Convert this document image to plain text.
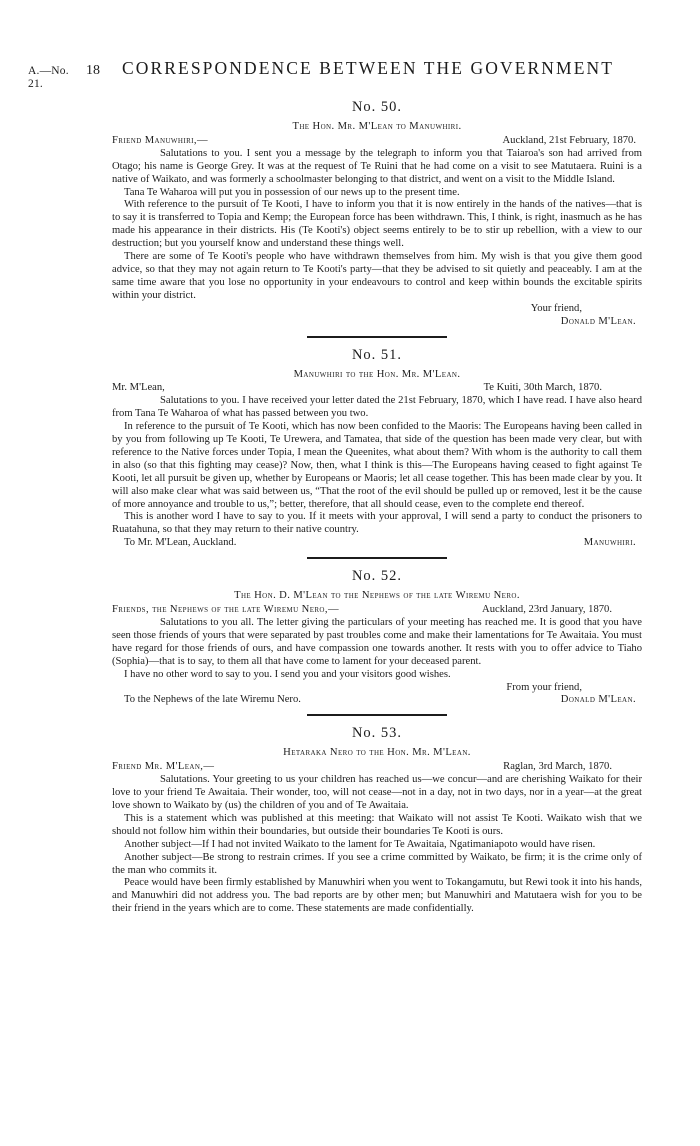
A.—No. 21.
18	CORRESPONDENCE BETWEEN THE GOVERNMENT
No. 50.
The Hon. Mr. M'Lean to Manuwhiri.
Friend Manuwhiri,—	Auckland, 21st February, 1870.

Salutations to you. I sent you a message by the telegraph to inform you that Taiaroa's son had arrived from Otago; his name is George Grey. It was at the request of Te Ruini that he had come on a visit to see Matutaera. Ruini is a native of Waikato, and was formerly a schoolmaster belonging to that district, and went on a visit to the Middle Island.

Tana Te Waharoa will put you in possession of our news up to the present time.

With reference to the pursuit of Te Kooti, I have to inform you that it is now entirely in the hands of the natives—that is to say it is transferred to Topia and Kemp; the European force has been withdrawn. This, I think, is right, inasmuch as he has made his appearance in their districts. His (Te Kooti's) object seems entirely to be to stir up rebellion, with a view to our destruction; but you yourself know and understand these things well.

There are some of Te Kooti's people who have withdrawn themselves from him. My wish is that you give them good advice, so that they may not again return to Te Kooti's party—that they be advised to sit quietly and peaceably. I am at the same time aware that you lose no opportunity in your endeavours to control and keep within bounds the excitable spirits within your district.

Your friend,
Donald M'Lean.
No. 51.
Manuwhiri to the Hon. Mr. M'Lean.
Mr. M'Lean,	Te Kuiti, 30th March, 1870.

Salutations to you. I have received your letter dated the 21st February, 1870, which I have read. I have also heard from Tana Te Waharoa of what has passed between you two.

In reference to the pursuit of Te Kooti, which has now been confided to the Maoris: The Europeans having been called in by you from following up Te Kooti, Te Urewera, and Tamatea, that side of the question has been made very clear, but with reference to the Native forces under Topia, I mean the Queenites, what about them? With whom is the authority to call them in also (so that this fighting may cease)? Now, then, what I think is this—The Europeans having ceased to fight against Te Kooti, let all pursuit be given up, whether by Europeans or Maoris; let all cease together. This has been made clear by you. It will also make clear what was said between us, “That the root of the evil should be pulled up or removed, lest it be the cause of more annoyance and trouble to us,”; better, therefore, that all should cease, even to the complete end thereof.

This is another word I have to say to you. If it meets with your approval, I will send a party to conduct the prisoners to Ruatahuna, so that they may return to their native country.

To Mr. M'Lean, Auckland.	Manuwhiri.
No. 52.
The Hon. D. M'Lean to the Nephews of the late Wiremu Nero.
Friends, the Nephews of the late Wiremu Nero,—	Auckland, 23rd January, 1870.

Salutations to you all. The letter giving the particulars of your meeting has reached me. It is good that you have seen those friends of yours that were separated by past troubles come and make their lamentations for Te Awaitaia. You must have regard for those friends of ours, and have compassion one towards another. It rests with you to offer advice to Tiaho (Sophia)—that is to say, to them all that have come to lament for your deceased parent.

I have no other word to say to you. I send you and your visitors good wishes.

From your friend,
To the Nephews of the late Wiremu Nero.	Donald M'Lean.
No. 53.
Hetaraka Nero to the Hon. Mr. M'Lean.
Friend Mr. M'Lean,—	Raglan, 3rd March, 1870.

Salutations. Your greeting to us your children has reached us—we concur—and are cherishing Waikato for their love to your friend Te Awaitaia. Their wonder, too, will not cease—not in a day, not in two days, nor in a year—at the great love shown to Waikato by (us) the children of you and of Te Awaitaia.

This is a statement which was published at this meeting: that Waikato will not assist Te Kooti. Waikato wish that we should not follow him within their boundaries, but outside their boundaries Te Kooti is ours.

Another subject—If I had not invited Waikato to the lament for Te Awaitaia, Ngatimaniapoto would have risen.

Another subject—Be strong to restrain crimes. If you see a crime committed by Waikato, be firm; it is the crime only of the man who commits it.

Peace would have been firmly established by Manuwhiri when you went to Tokangamutu, but Rewi took it into his hands, and Manuwhiri did not address you. The bad reports are by other men; but Manuwhiri and Matutaera wish for you to be their friend in the years which are to come. These statements are made confidentially.
